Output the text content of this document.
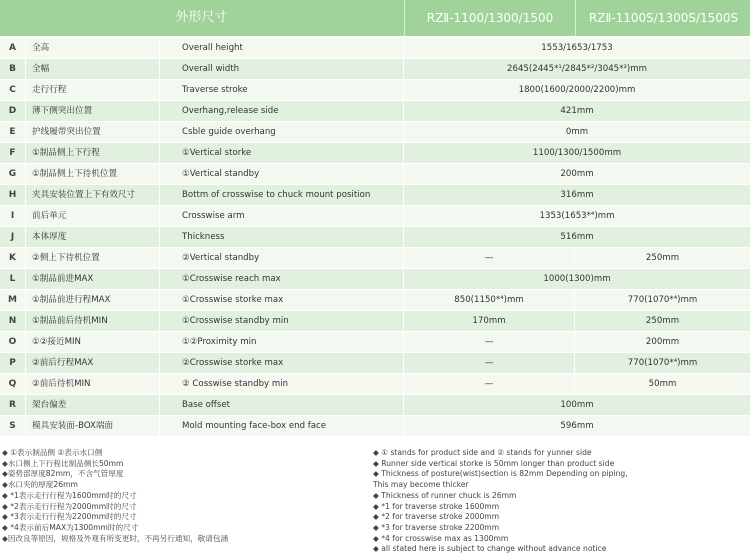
外形尺寸	RZⅡ-1100/1300/1500	RZⅡ-1100S/1300S/1500S
A	全高	Overall height	1553/1653/1753
B	全幅	Overall width	2645(2445*¹/2845*²/3045*³)mm
C	走行行程	Traverse stroke	1800(1600/2000/2200)mm
D	薄下侧突出位置	Overhang,release side	421mm
E	护线履带突出位置	Csble guide overhang	0mm
F	①制品侧上下行程	①Vertical storke	1100/1300/1500mm
G	①制品侧上下待机位置	①Vertical standby	200mm
H	夹具安装位置上下有效尺寸	Bottm of crosswise to chuck mount position	316mm
I	前后单元	Crosswise arm	1353(1653*⁴)mm
J	本体厚度	Thickness	516mm
K	②侧上下待机位置	②Vertical standby	—	250mm
L	①制品前进MAX	①Crosswise reach max	1000(1300)mm
M	①制品前进行程MAX	①Crosswise storke max	850(1150*⁴)mm	770(1070*⁴)mm
N	①制品前后待机MIN	①Crosswise standby min	170mm	250mm
O	①②接近MIN	①②Proximity min	—	200mm
P	②前后行程MAX	②Crosswise storke max	—	770(1070*⁴)mm
Q	②前后待机MIN	② Cosswise standby min	—	50mm
R	架台偏差	Base offset	100mm
S	模具安装面-BOX端面	Mold mounting face-box end face	596mm
◆ ①表示制品侧 ②表示水口侧
◆水口侧上下行程比制品侧长50mm
◆姿势部厚度82mm，不含气管厚度
◆水口夹的厚度26mm
◆ *1表示走行行程为1600mm时的尺寸
◆ *2表示走行行程为2000mm时的尺寸
◆ *3表示走行行程为2200mm时的尺寸
◆ *4表示前后MAX为1300mm时的尺寸
◆因改良等原因，规格及外观有所变更时，不再另行通知，敬请包涵
◆ ① stands for product side and ② stands for yunner side
◆ Runner side vertical storke is 50mm longer than product side
◆ Thickness of posture(wist)section is 82mm Depending on piping,
This may become thicker
◆ Thickness of runner chuck is 26mm
◆ *1 for traverse stroke 1600mm
◆ *2 for traverse stroke 2000mm
◆ *3 for traverse stroke 2200mm
◆ *4 for crosswise max as 1300mm
◆ all stated here is subject to change without advance notice
